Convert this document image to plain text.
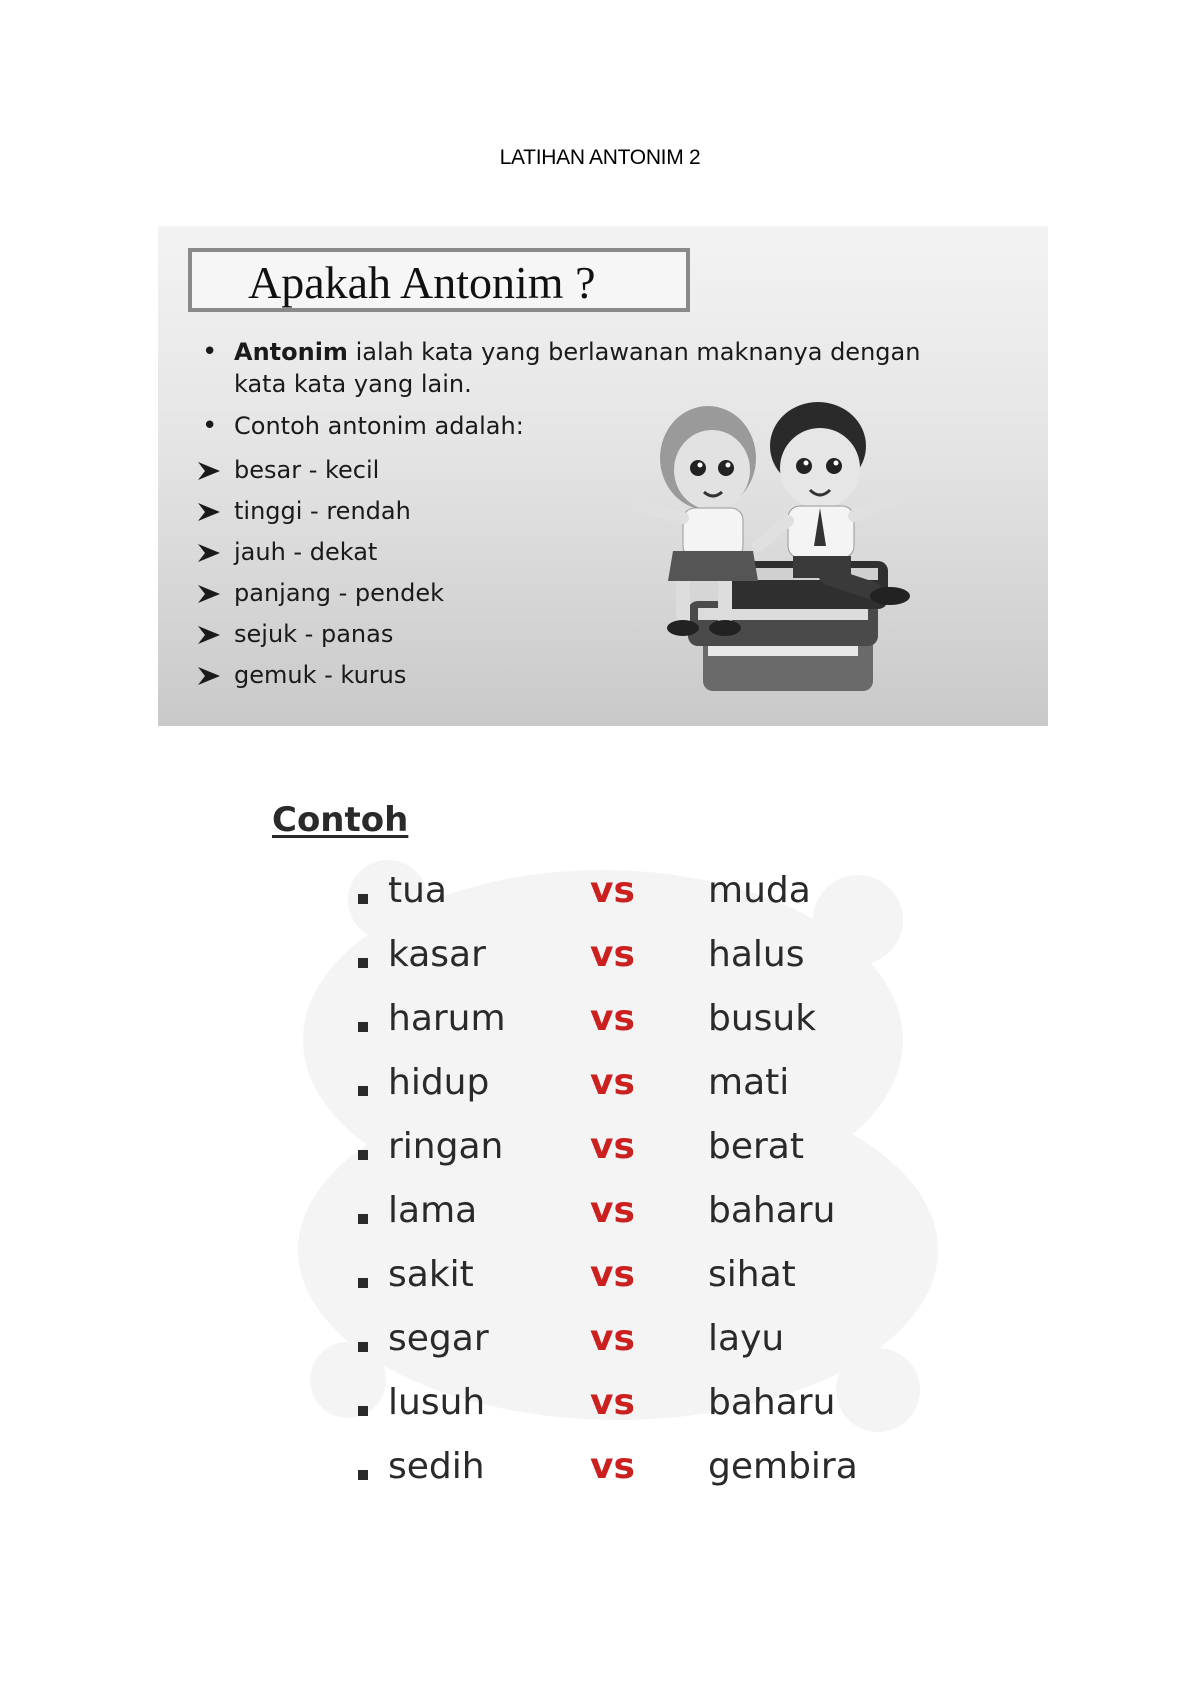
LATIHAN ANTONIM 2
Apakah Antonim ?
• Antonim ialah kata yang berlawanan maknanya dengan kata kata yang lain.
• Contoh antonim adalah:
besar - kecil
tinggi - rendah
jauh - dekat
panjang - pendek
sejuk - panas
gemuk - kurus
Contoh
tua	vs muda
kasar	vs halus
harum vs busuk
hidup	vs mati
ringan vs berat
lama	vs baharu
sakit	vs sihat
segar	vs layu
lusuh	vs baharu
sedih	vs gembira
